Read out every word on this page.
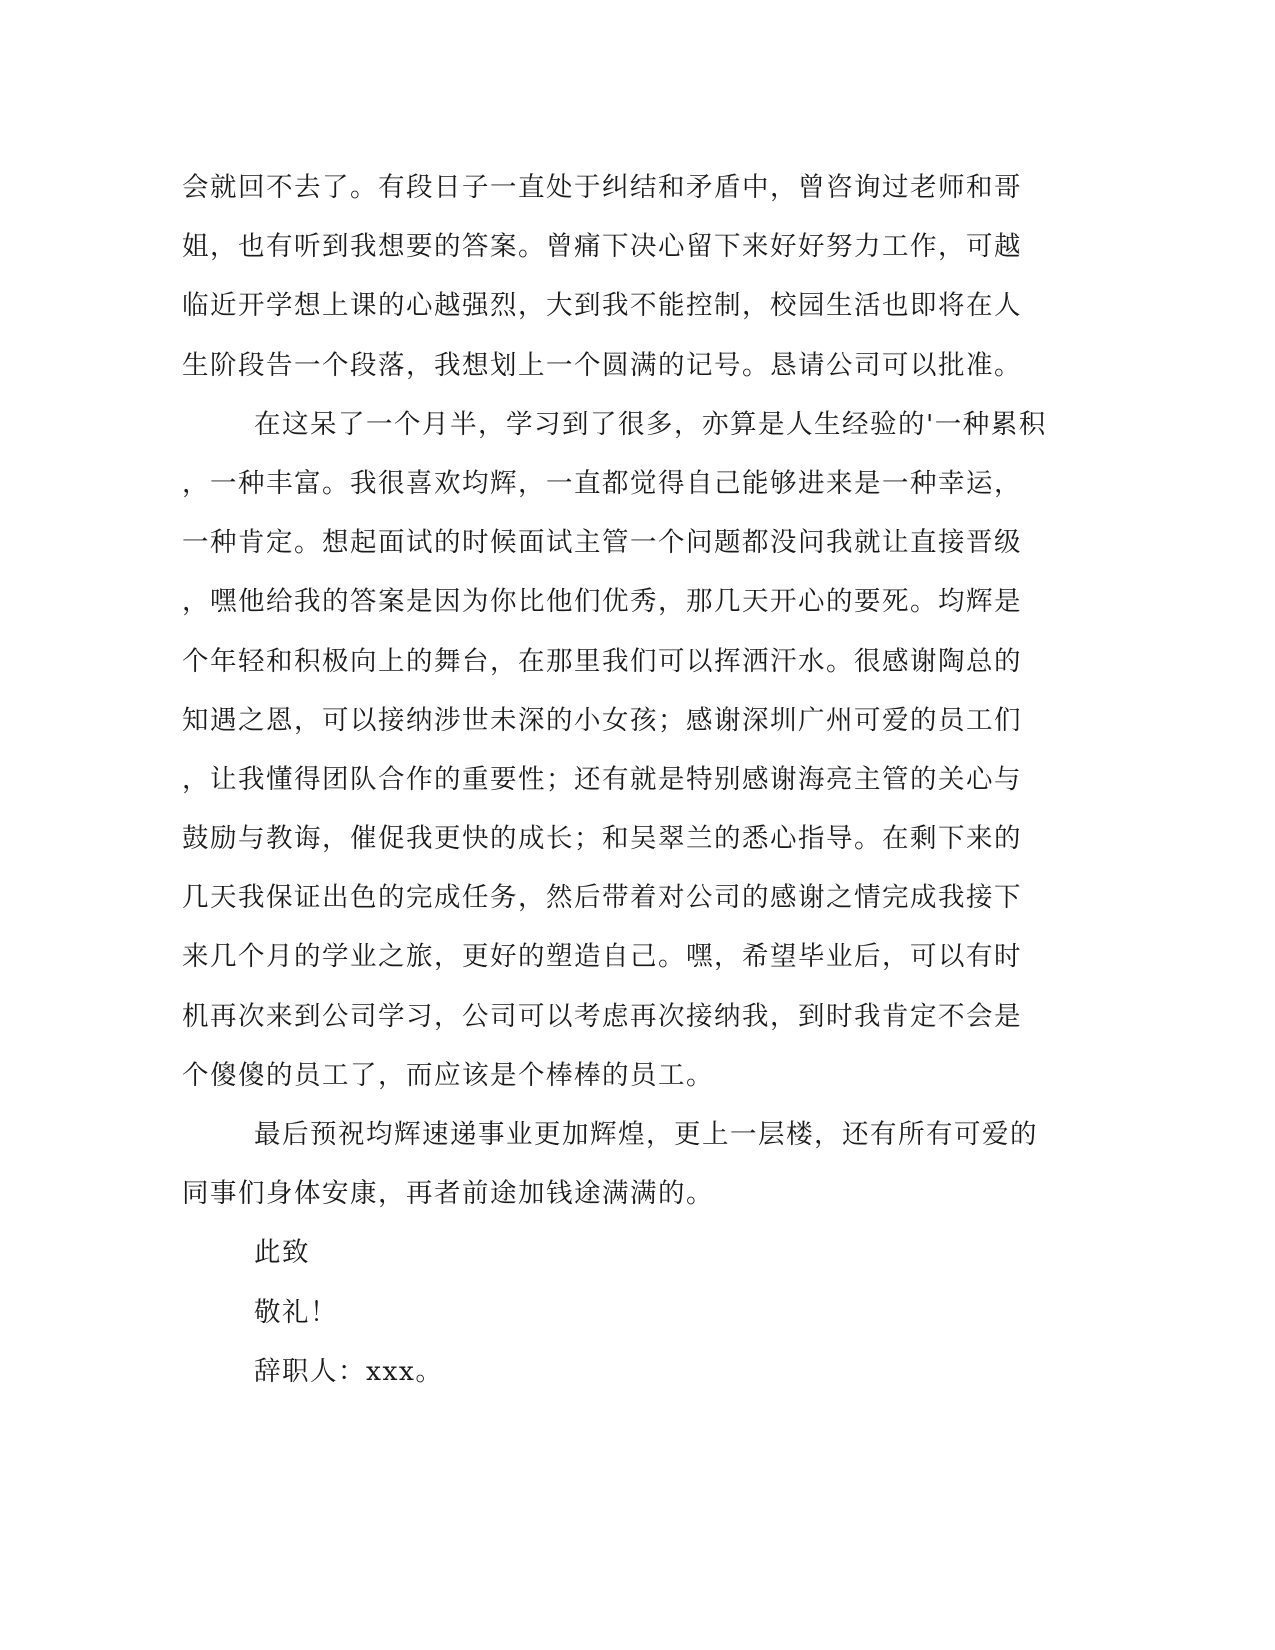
会就回不去了。有段日子一直处于纠结和矛盾中，曾咨询过老师和哥
姐，也有听到我想要的答案。曾痛下决心留下来好好努力工作，可越
临近开学想上课的心越强烈，大到我不能控制，校园生活也即将在人
生阶段告一个段落，我想划上一个圆满的记号。恳请公司可以批准。
在这呆了一个月半，学习到了很多，亦算是人生经验的'一种累积
，一种丰富。我很喜欢均辉，一直都觉得自己能够进来是一种幸运，
一种肯定。想起面试的时候面试主管一个问题都没问我就让直接晋级
，嘿他给我的答案是因为你比他们优秀，那几天开心的要死。均辉是
个年轻和积极向上的舞台，在那里我们可以挥洒汗水。很感谢陶总的
知遇之恩，可以接纳涉世未深的小女孩；感谢深圳广州可爱的员工们
，让我懂得团队合作的重要性；还有就是特别感谢海亮主管的关心与
鼓励与教诲，催促我更快的成长；和吴翠兰的悉心指导。在剩下来的
几天我保证出色的完成任务，然后带着对公司的感谢之情完成我接下
来几个月的学业之旅，更好的塑造自己。嘿，希望毕业后，可以有时
机再次来到公司学习，公司可以考虑再次接纳我，到时我肯定不会是
个傻傻的员工了，而应该是个棒棒的员工。
最后预祝均辉速递事业更加辉煌，更上一层楼，还有所有可爱的
同事们身体安康，再者前途加钱途满满的。
此致
敬礼！
辞职人：xxx。
